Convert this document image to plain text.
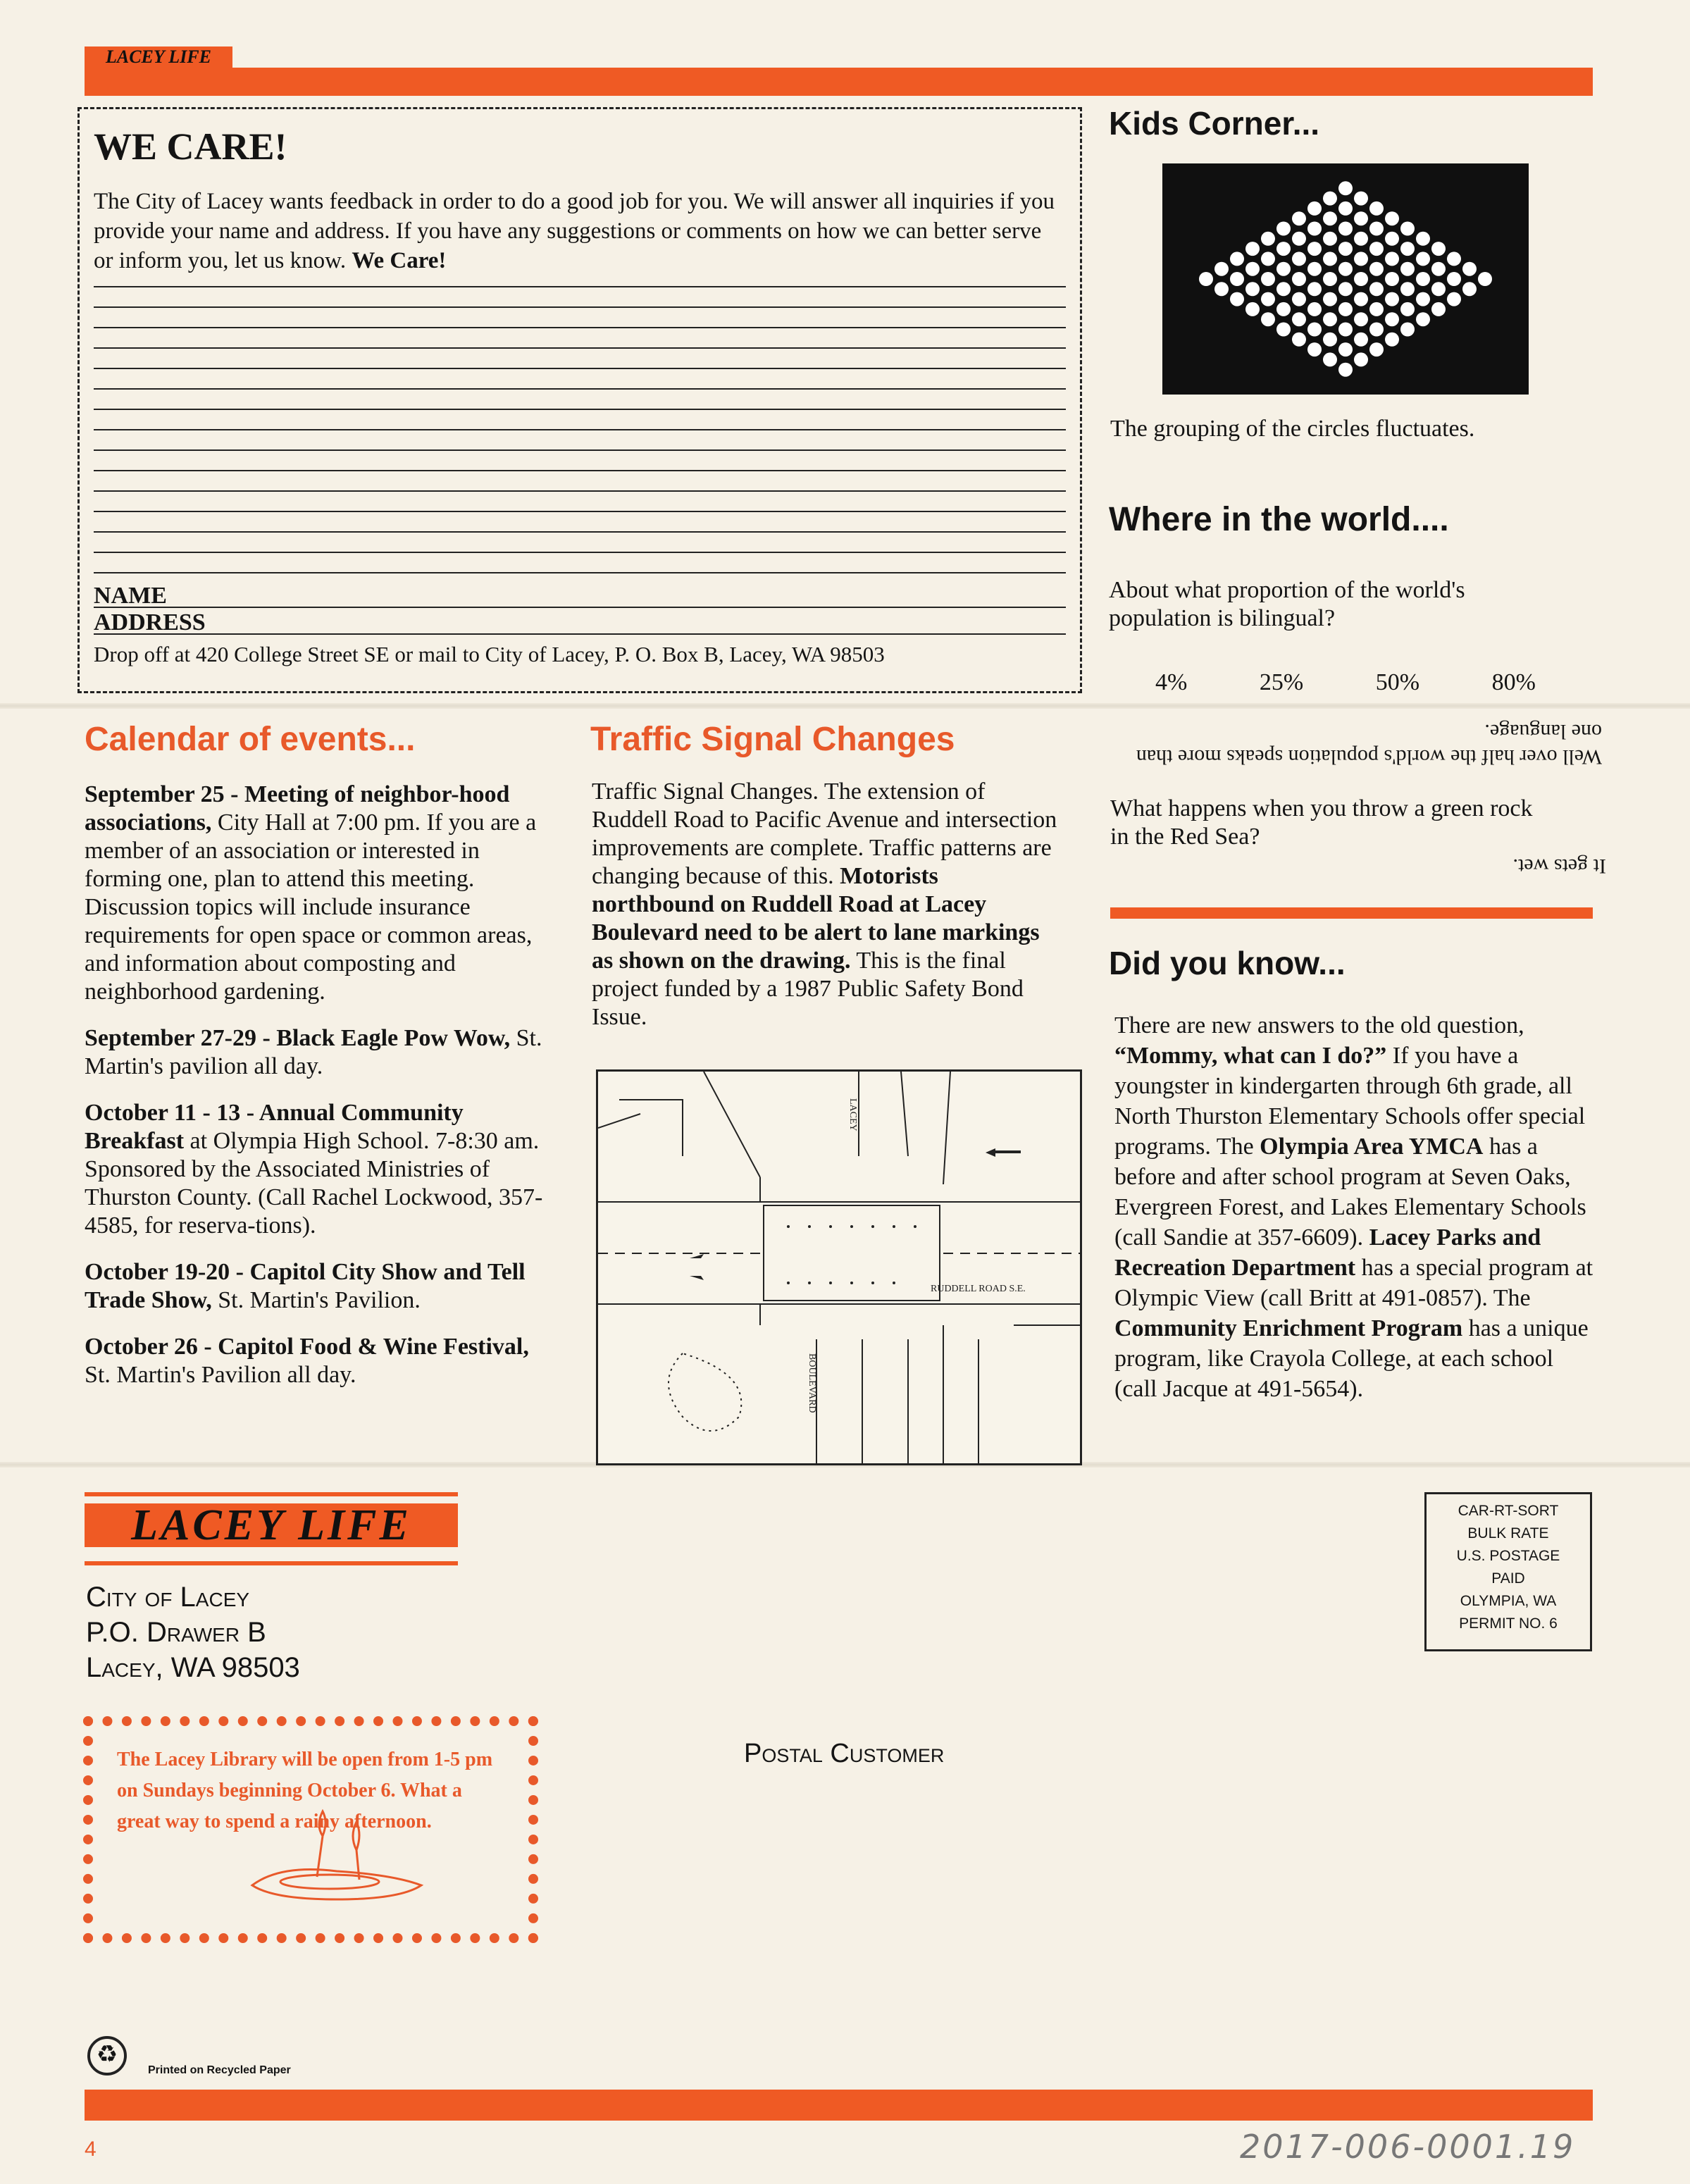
LACEY LIFE
WE CARE!
The City of Lacey wants feedback in order to do a good job for you. We will answer all inquiries if you provide your name and address. If you have any suggestions or comments on how we can better serve or inform you, let us know. We Care!
NAME
ADDRESS
Drop off at 420 College Street SE or mail to City of Lacey, P. O. Box B, Lacey, WA 98503
Kids Corner...
The grouping of the circles fluctuates.
Where in the world....
About what proportion of the world's population is bilingual?
4%	25%	50%	80%
Well over half the world's population speaks more than one language.
What happens when you throw a green rock in the Red Sea?
It gets wet.
Did you know...
There are new answers to the old question, “Mommy, what can I do?” If you have a youngster in kindergarten through 6th grade, all North Thurston Elementary Schools offer special programs. The Olympia Area YMCA has a before and after school program at Seven Oaks, Evergreen Forest, and Lakes Elementary Schools (call Sandie at 357-6609). Lacey Parks and Recreation Department has a special program at Olympic View (call Britt at 491-0857). The Community Enrichment Program has a unique program, like Crayola College, at each school (call Jacque at 491-5654).
Calendar of events...
September 25 - Meeting of neighbor-hood associations, City Hall at 7:00 pm. If you are a member of an association or interested in forming one, plan to attend this meeting. Discussion topics will include insurance requirements for open space or common areas, and information about composting and neighborhood gardening.
September 27-29 - Black Eagle Pow Wow, St. Martin's pavilion all day.
October 11 - 13 - Annual Community Breakfast at Olympia High School. 7-8:30 am. Sponsored by the Associated Ministries of Thurston County. (Call Rachel Lockwood, 357-4585, for reserva-tions).
October 19-20 - Capitol City Show and Tell Trade Show, St. Martin's Pavilion.
October 26 - Capitol Food & Wine Festival, St. Martin's Pavilion all day.
Traffic Signal Changes
Traffic Signal Changes. The extension of Ruddell Road to Pacific Avenue and intersection improvements are complete. Traffic patterns are changing because of this. Motorists northbound on Ruddell Road at Lacey Boulevard need to be alert to lane markings as shown on the drawing. This is the final project funded by a 1987 Public Safety Bond Issue.
LACEY
RUDDELL ROAD S.E.
BOULEVARD
LACEY LIFE
City of Lacey
P.O. Drawer B
Lacey, WA 98503
Postal Customer
The Lacey Library will be open from 1-5 pm on Sundays beginning October 6. What a great way to spend a rainy afternoon.
CAR-RT-SORT
BULK RATE
U.S. POSTAGE
PAID
OLYMPIA, WA
PERMIT NO. 6
♻
Printed on Recycled Paper
4	2017-006-0001.19
